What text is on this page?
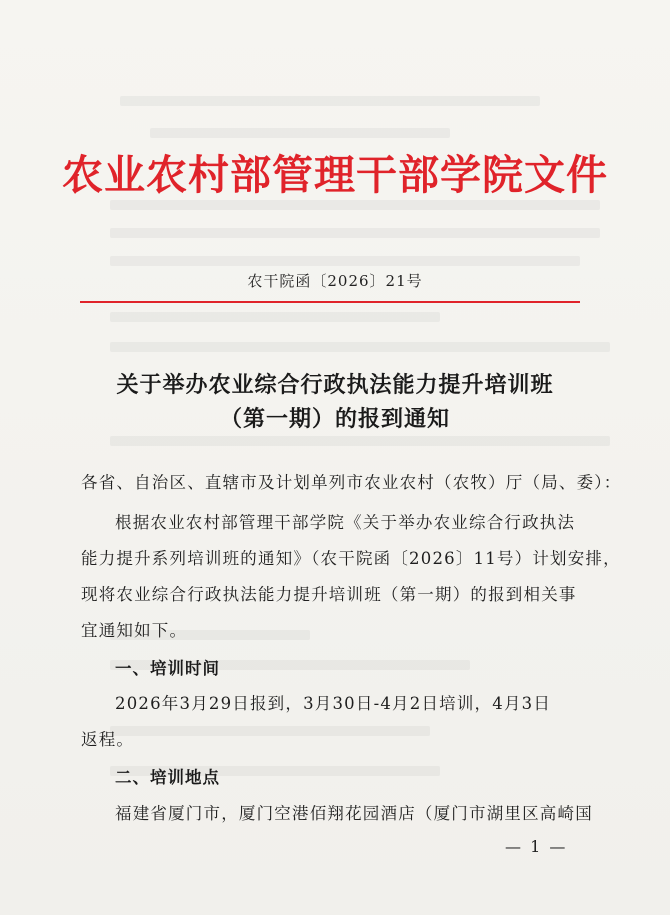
农业农村部管理干部学院文件
农干院函〔2026〕21号
关于举办农业综合行政执法能力提升培训班
（第一期）的报到通知
各省、自治区、直辖市及计划单列市农业农村（农牧）厅（局、委）：
根据农业农村部管理干部学院《关于举办农业综合行政执法
能力提升系列培训班的通知》（农干院函〔2026〕11号）计划安排，
现将农业综合行政执法能力提升培训班（第一期）的报到相关事
宜通知如下。
一、培训时间
2026年3月29日报到，3月30日-4月2日培训，4月3日
返程。
二、培训地点
福建省厦门市，厦门空港佰翔花园酒店（厦门市湖里区高崎国
— 1 —
